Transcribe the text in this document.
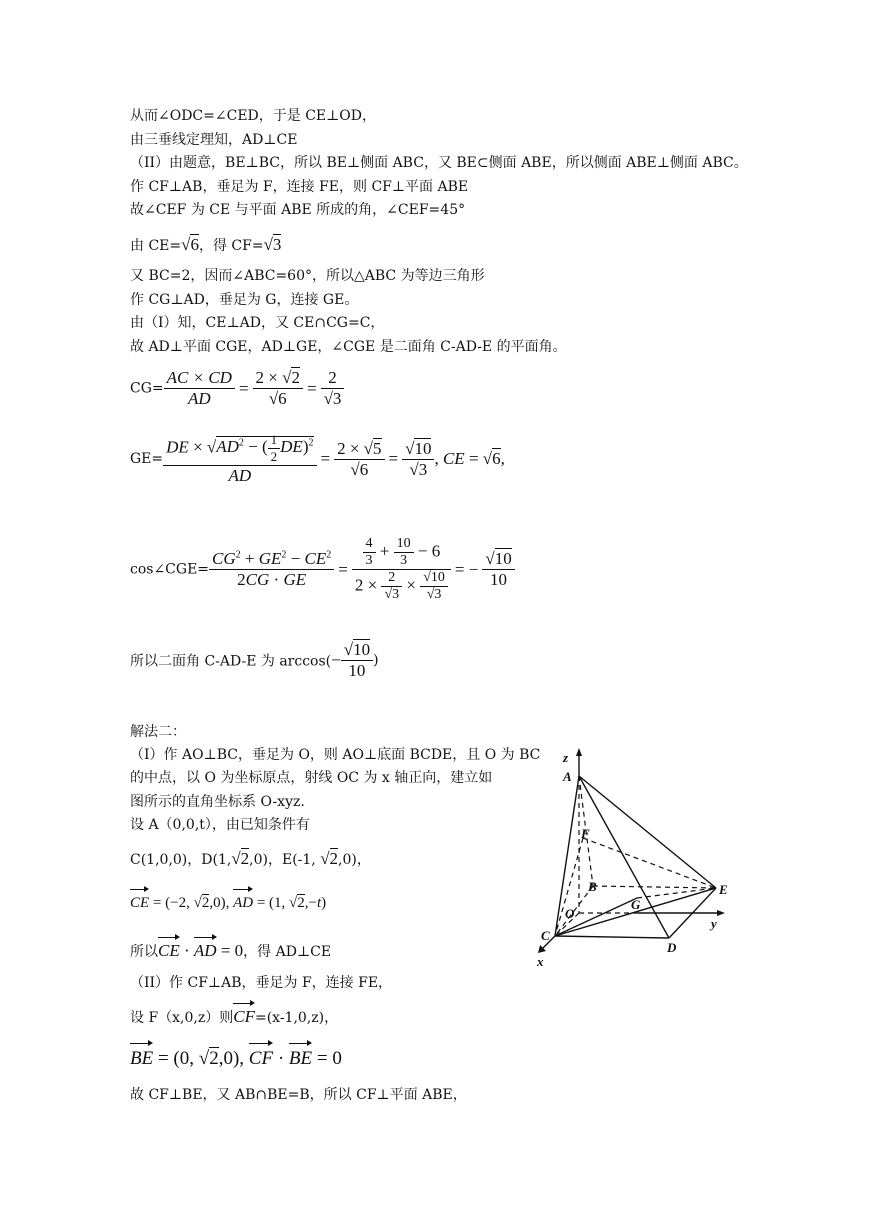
从而∠ODC=∠CED，于是 CE⊥OD，
由三垂线定理知，AD⊥CE
（II）由题意，BE⊥BC，所以 BE⊥侧面 ABC，又 BE⊂侧面 ABE，所以侧面 ABE⊥侧面 ABC。
作 CF⊥AB，垂足为 F，连接 FE，则 CF⊥平面 ABE
故∠CEF 为 CE 与平面 ABE 所成的角，∠CEF=45°
由 CE=√6，得 CF=√3
又 BC=2，因而∠ABC=60°，所以△ABC 为等边三角形
作 CG⊥AD，垂足为 G，连接 GE。
由（I）知，CE⊥AD，又 CE∩CG=C，
故 AD⊥平面 CGE，AD⊥GE，∠CGE 是二面角 C-AD-E 的平面角。
$CG= \frac{AC \times CD}{AD} = \frac{2 \times √2}{√6} = \frac{2}{√3}$
$GE= \frac{DE \times √AD^2 - ( \frac{1}{2} DE)^2}{AD} = \frac{2 \times √5}{√6} = \frac{√10}{√3}$ , CE = √6,
cos∠CGE= $\frac{CG^2 + GE^2 - CE^2}{2CG \cdot GE} = \frac{\frac{4}{3} + \frac{10}{3} - 6}{2 \times \frac{2}{√3} \times \frac{√10}{√3}}$ = − $\frac{√10}{10}$
所以二面角 C-AD-E 为 $\arccos(- \frac{√10}{10}$ )
解法二：
（I）作 AO⊥BC，垂足为 O，则 AO⊥底面 BCDE，且 O 为 BC
的中点，以 O 为坐标原点，射线 OC 为 x 轴正向，建立如
图所示的直角坐标系 O-xyz.
设 A（0,0,t），由已知条件有
C(1,0,0)，D(1,√2,0)，E(-1, √2,0)，
CE = (−2, √2,0), AD = (1, √2,−t)
所以CE · AD = 0，得 AD⊥CE
（II）作 CF⊥AB，垂足为 F，连接 FE，
设 F（x,0,z）则CF=(x-1,0,z)，
BE = (0, √2,0), CF · BE = 0
故 CF⊥BE，又 AB∩BE=B，所以 CF⊥平面 ABE，
z
A
F
B	E
G
O
y
C
D
x
